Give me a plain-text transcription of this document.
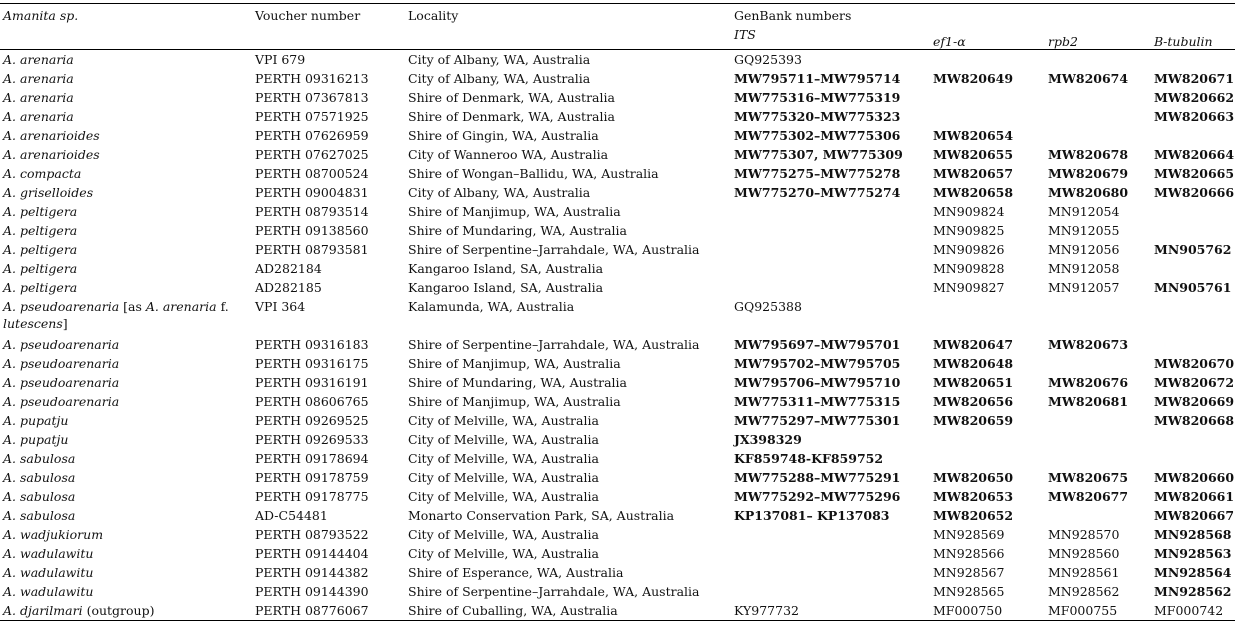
Amanita sp.	Voucher number	Locality	GenBank numbers			
			ITS	ef1-α	rpb2	Β-tubulin
A. arenaria	VPI 679	City of Albany, WA, Australia	GQ925393			
A. arenaria	PERTH 09316213	City of Albany, WA, Australia	MW795711–MW795714	MW820649	MW820674	MW820671
A. arenaria	PERTH 07367813	Shire of Denmark, WA, Australia	MW775316–MW775319			MW820662
A. arenaria	PERTH 07571925	Shire of Denmark, WA, Australia	MW775320–MW775323			MW820663
A. arenarioides	PERTH 07626959	Shire of Gingin, WA, Australia	MW775302–MW775306	MW820654		
A. arenarioides	PERTH 07627025	City of Wanneroo WA, Australia	MW775307, MW775309	MW820655	MW820678	MW820664
A. compacta	PERTH 08700524	Shire of Wongan–Ballidu, WA, Australia	MW775275–MW775278	MW820657	MW820679	MW820665
A. griselloides	PERTH 09004831	City of Albany, WA, Australia	MW775270–MW775274	MW820658	MW820680	MW820666
A. peltigera	PERTH 08793514	Shire of Manjimup, WA, Australia		MN909824	MN912054	
A. peltigera	PERTH 09138560	Shire of Mundaring, WA, Australia		MN909825	MN912055	
A. peltigera	PERTH 08793581	Shire of Serpentine–Jarrahdale, WA, Australia		MN909826	MN912056	MN905762
A. peltigera	AD282184	Kangaroo Island, SA, Australia		MN909828	MN912058	
A. peltigera	AD282185	Kangaroo Island, SA, Australia		MN909827	MN912057	MN905761
A. pseudoarenaria [as A. arenaria f. lutescens]	VPI 364	Kalamunda, WA, Australia	GQ925388			
A. pseudoarenaria	PERTH 09316183	Shire of Serpentine–Jarrahdale, WA, Australia	MW795697–MW795701	MW820647	MW820673	
A. pseudoarenaria	PERTH 09316175	Shire of Manjimup, WA, Australia	MW795702–MW795705	MW820648		MW820670
A. pseudoarenaria	PERTH 09316191	Shire of Mundaring, WA, Australia	MW795706–MW795710	MW820651	MW820676	MW820672
A. pseudoarenaria	PERTH 08606765	Shire of Manjimup, WA, Australia	MW775311–MW775315	MW820656	MW820681	MW820669
A. pupatju	PERTH 09269525	City of Melville, WA, Australia	MW775297–MW775301	MW820659		MW820668
A. pupatju	PERTH 09269533	City of Melville, WA, Australia	JX398329			
A. sabulosa	PERTH 09178694	City of Melville, WA, Australia	KF859748-KF859752			
A. sabulosa	PERTH 09178759	City of Melville, WA, Australia	MW775288–MW775291	MW820650	MW820675	MW820660
A. sabulosa	PERTH 09178775	City of Melville, WA, Australia	MW775292–MW775296	MW820653	MW820677	MW820661
A. sabulosa	AD-C54481	Monarto Conservation Park, SA, Australia	KP137081– KP137083	MW820652		MW820667
A. wadjukiorum	PERTH 08793522	City of Melville, WA, Australia		MN928569	MN928570	MN928568
A. wadulawitu	PERTH 09144404	City of Melville, WA, Australia		MN928566	MN928560	MN928563
A. wadulawitu	PERTH 09144382	Shire of Esperance, WA, Australia		MN928567	MN928561	MN928564
A. wadulawitu	PERTH 09144390	Shire of Serpentine–Jarrahdale, WA, Australia		MN928565	MN928562	MN928562
A. djarilmari (outgroup)	PERTH 08776067	Shire of Cuballing, WA, Australia	KY977732	MF000750	MF000755	MF000742
